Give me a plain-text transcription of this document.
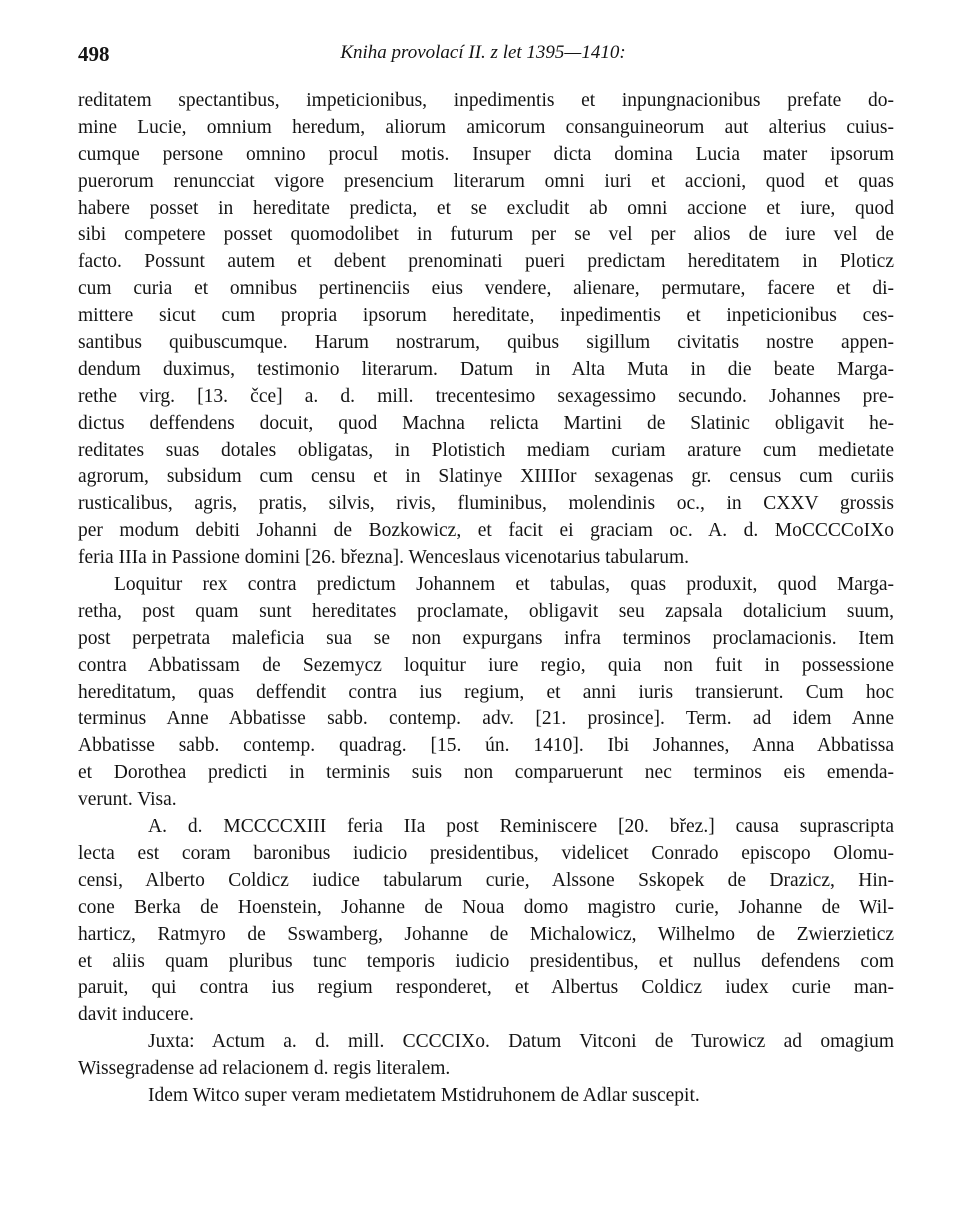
498	Kniha provolací II. z let 1395—1410:
reditatem spectantibus, impeticionibus, inpedimentis et inpungnacionibus prefate do-
mine Lucie, omnium heredum, aliorum amicorum consanguineorum aut alterius cuius-
cumque persone omnino procul motis. Insuper dicta domina Lucia mater ipsorum
puerorum renuncciat vigore presencium literarum omni iuri et accioni, quod et quas
habere posset in hereditate predicta, et se excludit ab omni accione et iure, quod
sibi competere posset quomodolibet in futurum per se vel per alios de iure vel de
facto. Possunt autem et debent prenominati pueri predictam hereditatem in Ploticz
cum curia et omnibus pertinenciis eius vendere, alienare, permutare, facere et di-
mittere sicut cum propria ipsorum hereditate, inpedimentis et inpeticionibus ces-
santibus quibuscumque. Harum nostrarum, quibus sigillum civitatis nostre appen-
dendum duximus, testimonio literarum. Datum in Alta Muta in die beate Marga-
rethe virg. [13. čce] a. d. mill. trecentesimo sexagessimo secundo. Johannes pre-
dictus deffendens docuit, quod Machna relicta Martini de Slatinic obligavit he-
reditates suas dotales obligatas, in Plotistich mediam curiam arature cum medietate
agrorum, subsidum cum censu et in Slatinye XIIIIor sexagenas gr. census cum curiis
rusticalibus, agris, pratis, silvis, rivis, fluminibus, molendinis oc., in CXXV grossis
per modum debiti Johanni de Bozkowicz, et facit ei graciam oc. A. d. MoCCCCoIXo
feria IIIa in Passione domini [26. března]. Wenceslaus vicenotarius tabularum.
Loquitur rex contra predictum Johannem et tabulas, quas produxit, quod Marga-
retha, post quam sunt hereditates proclamate, obligavit seu zapsala dotalicium suum,
post perpetrata maleficia sua se non expurgans infra terminos proclamacionis. Item
contra Abbatissam de Sezemycz loquitur iure regio, quia non fuit in possessione
hereditatum, quas deffendit contra ius regium, et anni iuris transierunt. Cum hoc
terminus Anne Abbatisse sabb. contemp. adv. [21. prosince]. Term. ad idem Anne
Abbatisse sabb. contemp. quadrag. [15. ún. 1410]. Ibi Johannes, Anna Abbatissa
et Dorothea predicti in terminis suis non comparuerunt nec terminos eis emenda-
verunt. Visa.
A. d. MCCCCXIII feria IIa post Reminiscere [20. břez.] causa suprascripta
lecta est coram baronibus iudicio presidentibus, videlicet Conrado episcopo Olomu-
censi, Alberto Coldicz iudice tabularum curie, Alssone Sskopek de Drazicz, Hin-
cone Berka de Hoenstein, Johanne de Noua domo magistro curie, Johanne de Wil-
harticz, Ratmyro de Sswamberg, Johanne de Michalowicz, Wilhelmo de Zwierzieticz
et aliis quam pluribus tunc temporis iudicio presidentibus, et nullus defendens com
paruit, qui contra ius regium responderet, et Albertus Coldicz iudex curie man-
davit inducere.
Juxta: Actum a. d. mill. CCCCIXo. Datum Vitconi de Turowicz ad omagium
Wissegradense ad relacionem d. regis literalem.
Idem Witco super veram medietatem Mstidruhonem de Adlar suscepit.
